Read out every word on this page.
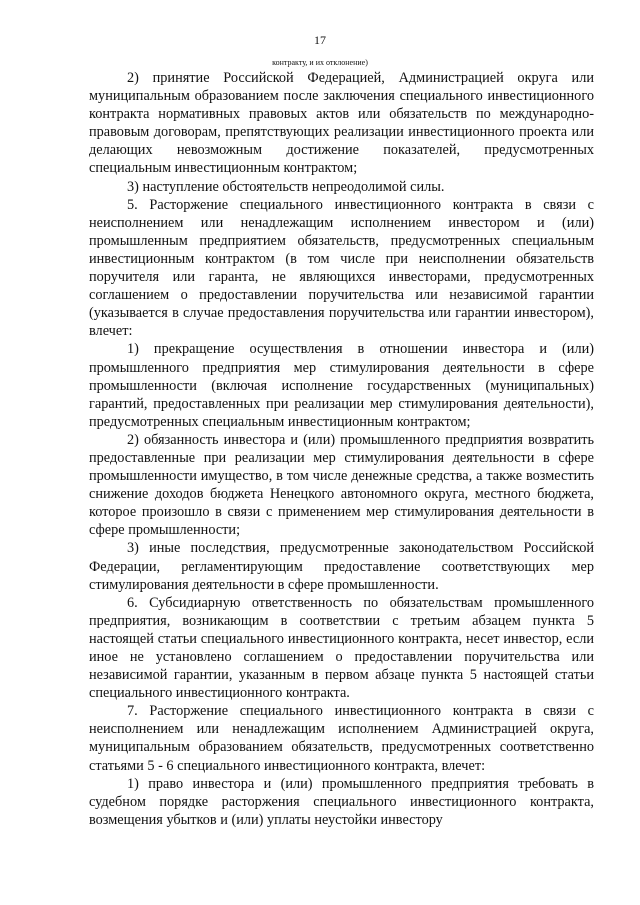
17
контракту, и их отклонение)

2) принятие Российской Федерацией, Администрацией округа или муниципальным образованием после заключения специального инвестиционного контракта нормативных правовых актов или обязательств по международно-правовым договорам, препятствующих реализации инвестиционного проекта или делающих невозможным достижение показателей, предусмотренных специальным инвестиционным контрактом;

3) наступление обстоятельств непреодолимой силы.

5. Расторжение специального инвестиционного контракта в связи с неисполнением или ненадлежащим исполнением инвестором и (или) промышленным предприятием обязательств, предусмотренных специальным инвестиционным контрактом (в том числе при неисполнении обязательств поручителя или гаранта, не являющихся инвесторами, предусмотренных соглашением о предоставлении поручительства или независимой гарантии (указывается в случае предоставления поручительства или гарантии инвестором), влечет:

1) прекращение осуществления в отношении инвестора и (или) промышленного предприятия мер стимулирования деятельности в сфере промышленности (включая исполнение государственных (муниципальных) гарантий, предоставленных при реализации мер стимулирования деятельности), предусмотренных специальным инвестиционным контрактом;

2) обязанность инвестора и (или) промышленного предприятия возвратить предоставленные при реализации мер стимулирования деятельности в сфере промышленности имущество, в том числе денежные средства, а также возместить снижение доходов бюджета Ненецкого автономного округа, местного бюджета, которое произошло в связи с применением мер стимулирования деятельности в сфере промышленности;

3) иные последствия, предусмотренные законодательством Российской Федерации, регламентирующим предоставление соответствующих мер стимулирования деятельности в сфере промышленности.

6. Субсидиарную ответственность по обязательствам промышленного предприятия, возникающим в соответствии с третьим абзацем пункта 5 настоящей статьи специального инвестиционного контракта, несет инвестор, если иное не установлено соглашением о предоставлении поручительства или независимой гарантии, указанным в первом абзаце пункта 5 настоящей статьи специального инвестиционного контракта.

7. Расторжение специального инвестиционного контракта в связи с неисполнением или ненадлежащим исполнением Администрацией округа, муниципальным образованием обязательств, предусмотренных соответственно статьями 5 - 6 специального инвестиционного контракта, влечет:

1) право инвестора и (или) промышленного предприятия требовать в судебном порядке расторжения специального инвестиционного контракта, возмещения убытков и (или) уплаты неустойки инвестору
